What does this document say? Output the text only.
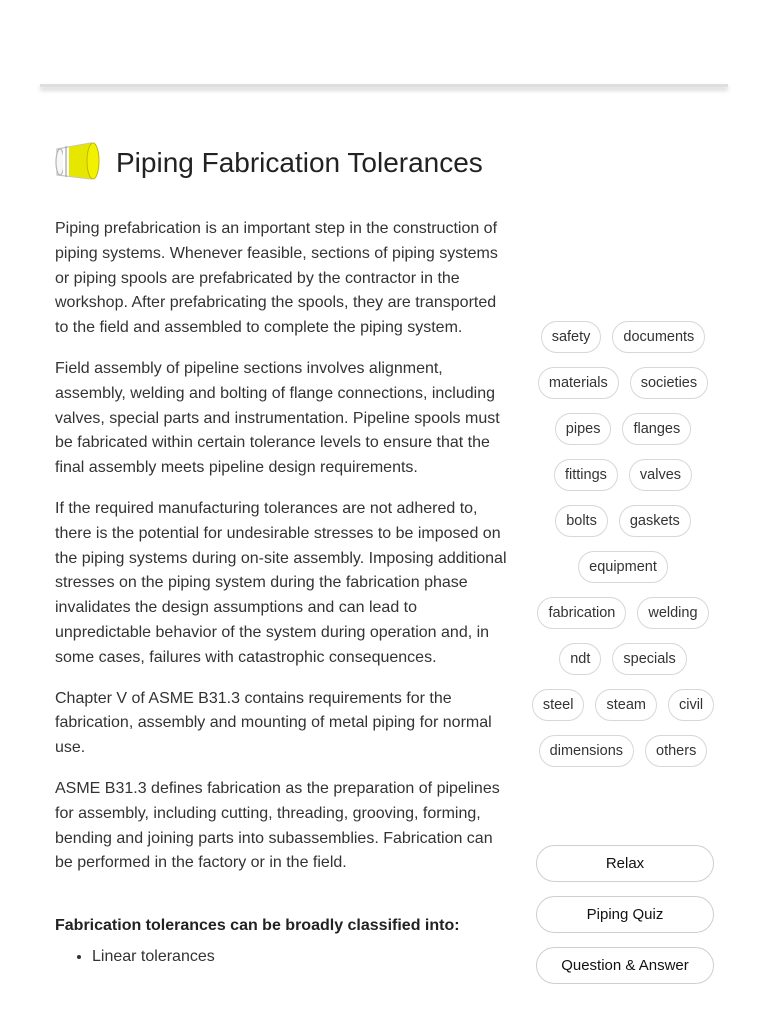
Piping Fabrication Tolerances

Piping prefabrication is an important step in the construction of piping systems. Whenever feasible, sections of piping systems or piping spools are prefabricated by the contractor in the workshop. After prefabricating the spools, they are transported to the field and assembled to complete the piping system.

Field assembly of pipeline sections involves alignment, assembly, welding and bolting of flange connections, including valves, special parts and instrumentation. Pipeline spools must be fabricated within certain tolerance levels to ensure that the final assembly meets pipeline design requirements.

If the required manufacturing tolerances are not adhered to, there is the potential for undesirable stresses to be imposed on the piping systems during on-site assembly. Imposing additional stresses on the piping system during the fabrication phase invalidates the design assumptions and can lead to unpredictable behavior of the system during operation and, in some cases, failures with catastrophic consequences.

Chapter V of ASME B31.3 contains requirements for the fabrication, assembly and mounting of metal piping for normal use.

ASME B31.3 defines fabrication as the preparation of pipelines for assembly, including cutting, threading, grooving, forming, bending and joining parts into subassemblies. Fabrication can be performed in the factory or in the field.

Fabrication tolerances can be broadly classified into:
• Linear tolerances
safety	documents
materials	societies
pipes	flanges
fittings	valves
bolts	gaskets
equipment
fabrication	welding
ndt	specials
steel	steam	civil
dimensions	others
Relax
Piping Quiz
Question & Answer
